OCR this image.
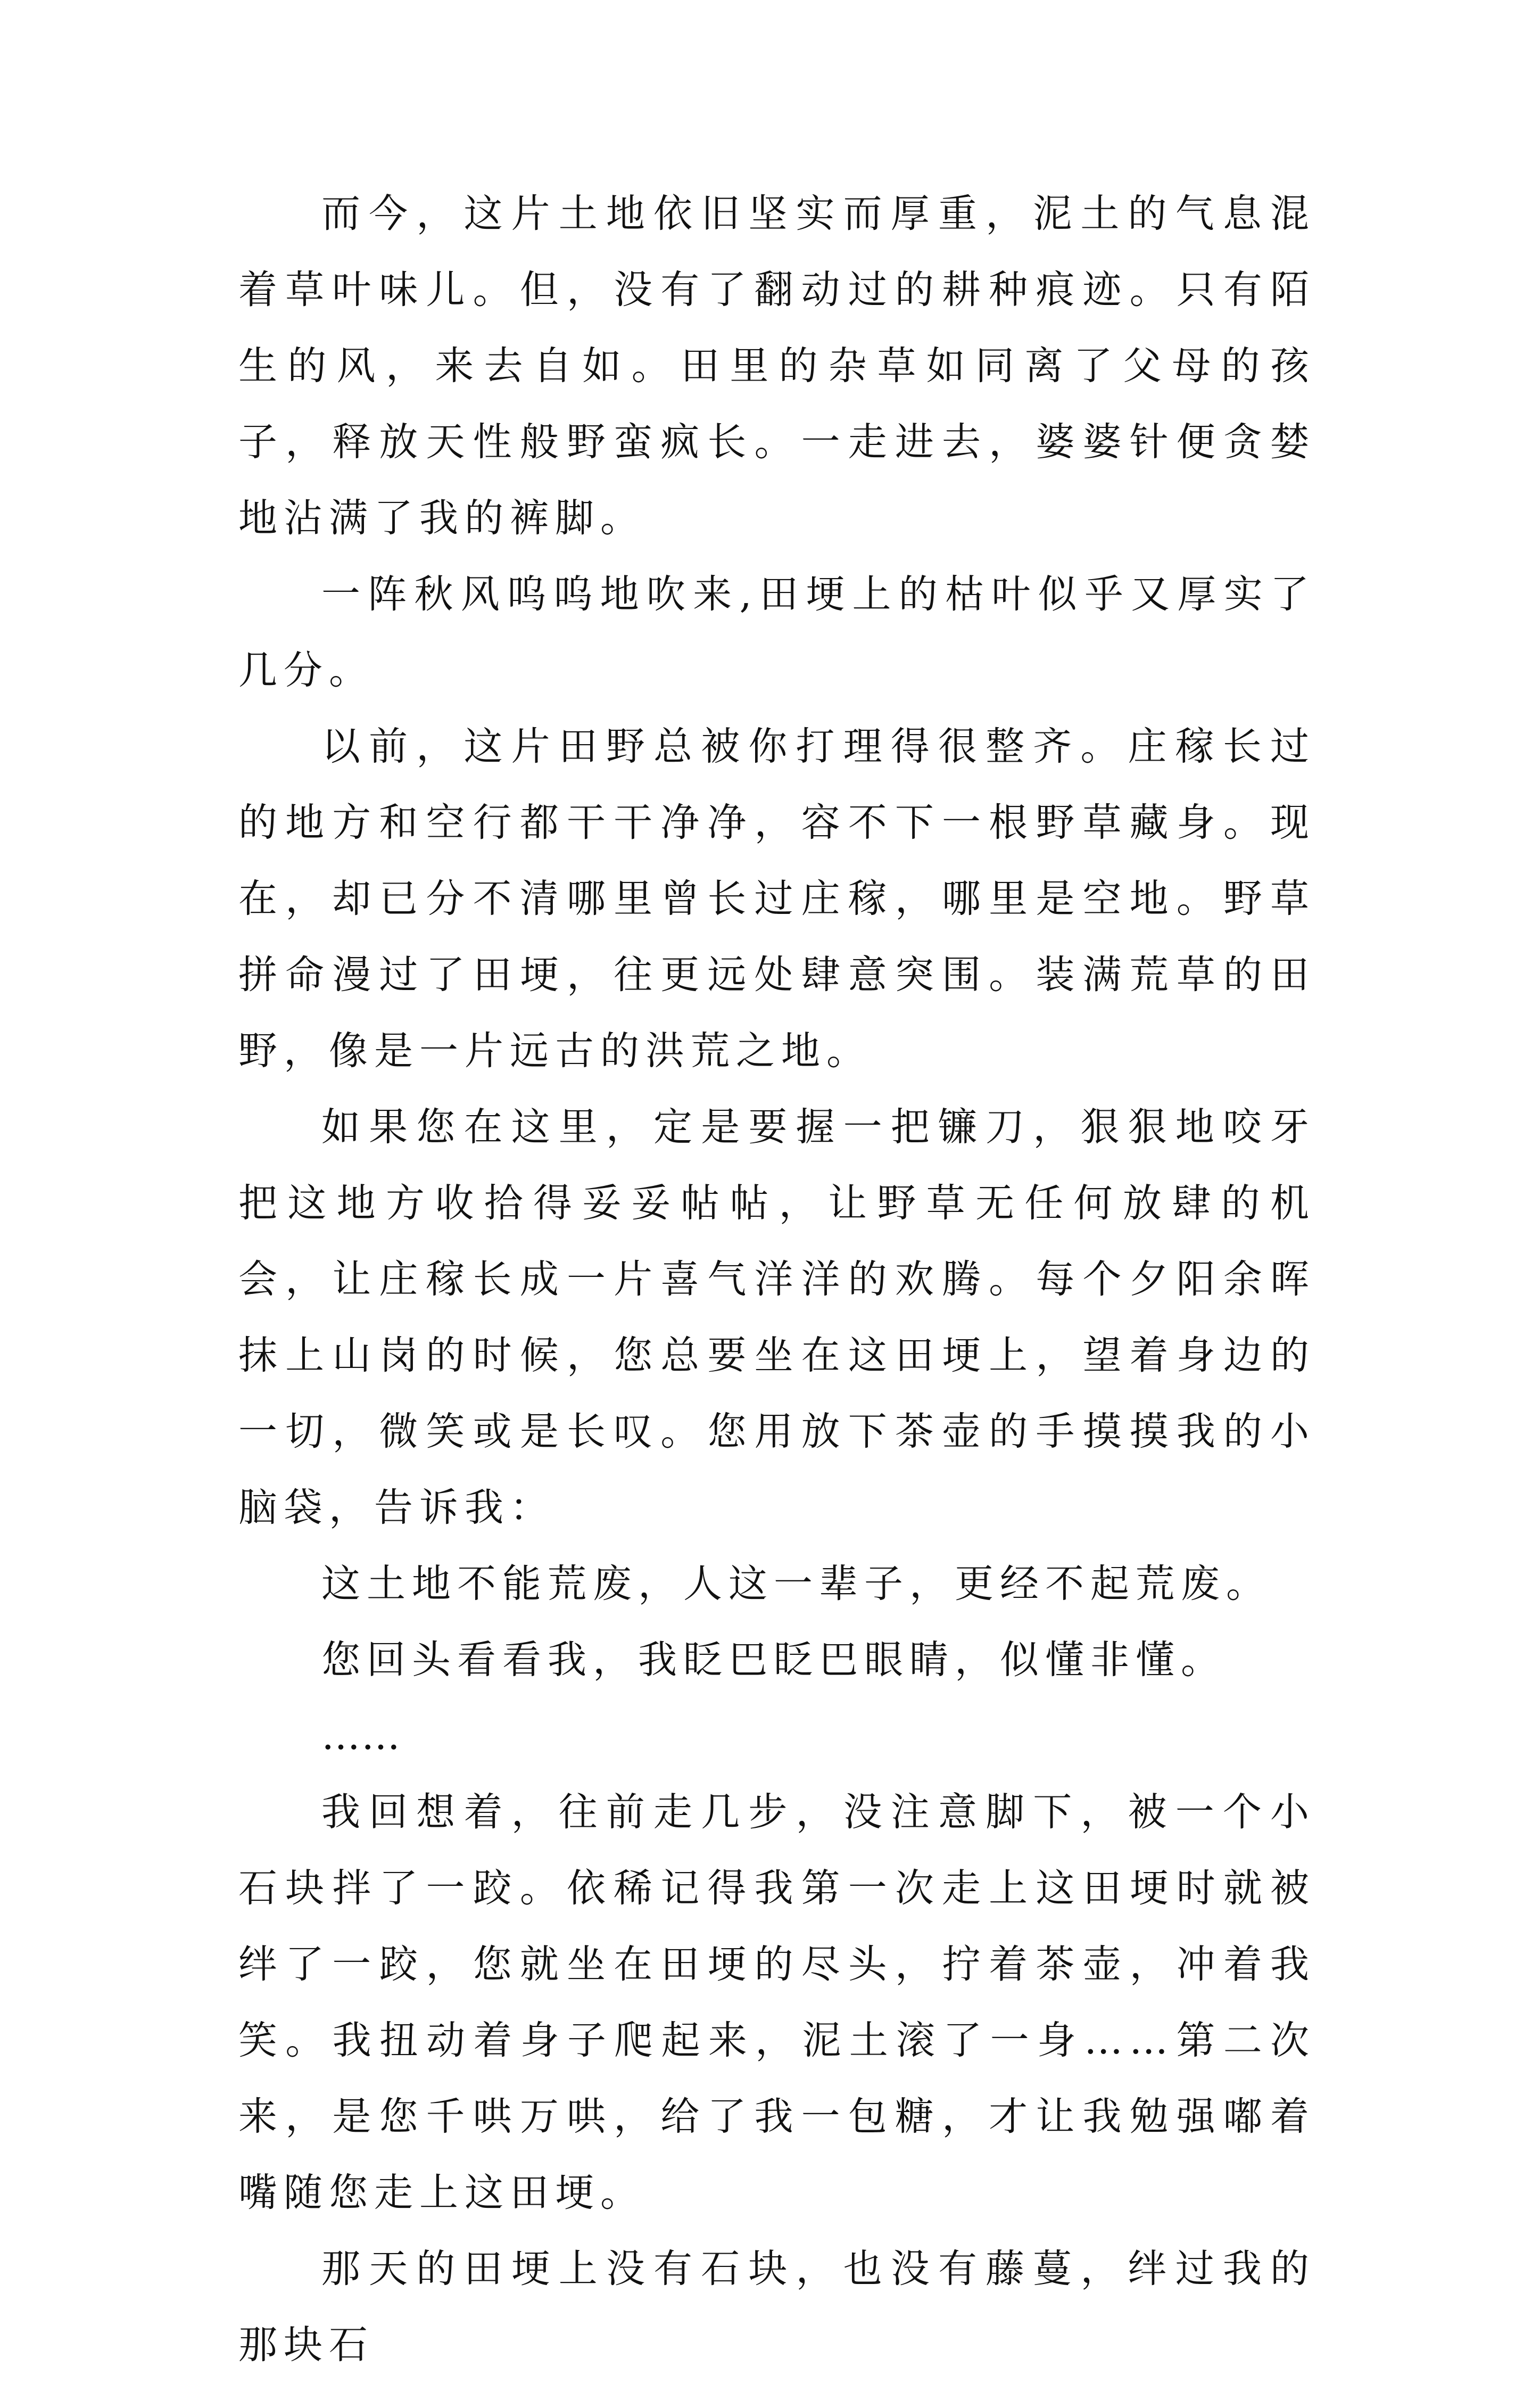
而今，这片土地依旧坚实而厚重，泥土的气息混着草叶味儿。但，没有了翻动过的耕种痕迹。只有陌生的风，来去自如。田里的杂草如同离了父母的孩子，释放天性般野蛮疯长。一走进去，婆婆针便贪婪地沾满了我的裤脚。

一阵秋风呜呜地吹来,田埂上的枯叶似乎又厚实了几分。

以前，这片田野总被你打理得很整齐。庄稼长过的地方和空行都干干净净，容不下一根野草藏身。现在，却已分不清哪里曾长过庄稼，哪里是空地。野草拼命漫过了田埂，往更远处肆意突围。装满荒草的田野，像是一片远古的洪荒之地。

如果您在这里，定是要握一把镰刀，狠狠地咬牙把这地方收拾得妥妥帖帖，让野草无任何放肆的机会，让庄稼长成一片喜气洋洋的欢腾。每个夕阳余晖抹上山岗的时候，您总要坐在这田埂上，望着身边的一切，微笑或是长叹。您用放下茶壶的手摸摸我的小脑袋，告诉我：

这土地不能荒废，人这一辈子，更经不起荒废。

您回头看看我，我眨巴眨巴眼睛，似懂非懂。

……

我回想着，往前走几步，没注意脚下，被一个小石块拌了一跤。依稀记得我第一次走上这田埂时就被绊了一跤，您就坐在田埂的尽头，拧着茶壶，冲着我笑。我扭动着身子爬起来，泥土滚了一身……第二次来，是您千哄万哄，给了我一包糖，才让我勉强嘟着嘴随您走上这田埂。

那天的田埂上没有石块，也没有藤蔓，绊过我的那块石
